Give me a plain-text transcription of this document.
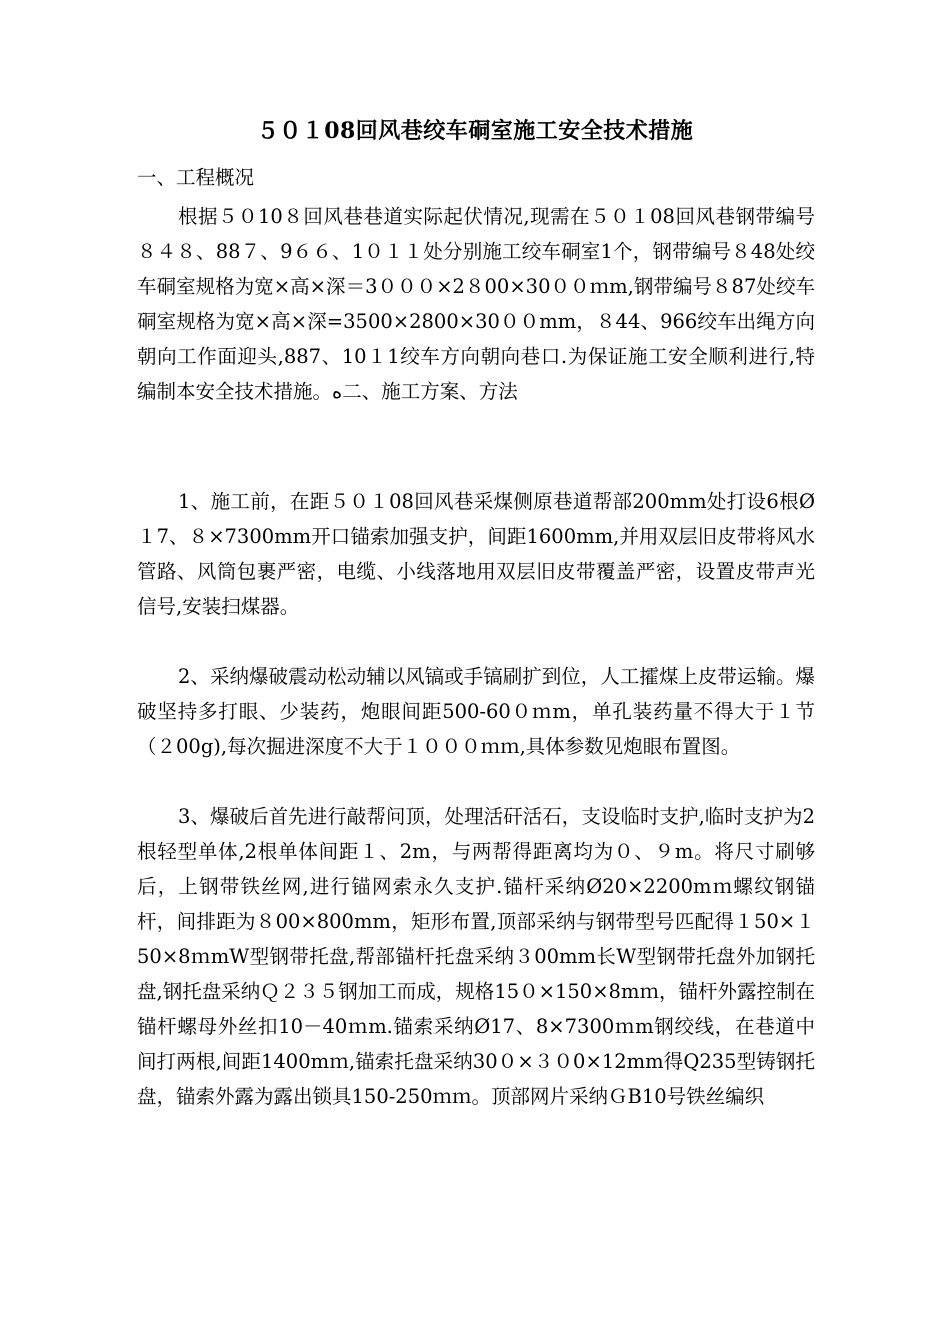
５０１08回风巷绞车硐室施工安全技术措施
一、工程概况
根据５０10８回风巷巷道实际起伏情况,现需在５０１08回风巷钢带编号８４８、88７、9６６、1０１１处分别施工绞车硐室1个，钢带编号８48处绞车硐室规格为宽×高×深＝3０００×2８00×30００ｍm,钢带编号８87处绞车硐室规格为宽×高×深=3500×2800×30００mm，８44、966绞车出绳方向朝向工作面迎头,887、10１1绞车方向朝向巷口.为保证施工安全顺利进行,特编制本安全技术措施。ﻩ二、施工方案、方法
1、施工前，在距５０１08回风巷采煤侧原巷道帮部200mm处打设6根Ø１7、８×7300mm开口锚索加强支护，间距1600mm,并用双层旧皮带将风水管路、风筒包裹严密，电缆、小线落地用双层旧皮带覆盖严密，设置皮带声光信号,安装扫煤器。
2、采纳爆破震动松动辅以风镐或手镐刷扩到位，人工攉煤上皮带运输。爆破坚持多打眼、少装药，炮眼间距500-60０ｍm，单孔装药量不得大于１节（２00g),每次掘进深度不大于１０００ｍｍ,具体参数见炮眼布置图。
3、爆破后首先进行敲帮问顶，处理活矸活石，支设临时支护,临时支护为2根轻型单体,2根单体间距１、2m，与两帮得距离均为０、９m。将尺寸刷够后，上钢带铁丝网,进行锚网索永久支护.锚杆采纳Ø20×2200mｍ螺纹钢锚杆，间排距为８00×800mm，矩形布置,顶部采纳与钢带型号匹配得１50×１50×8ｍmW型钢带托盘,帮部锚杆托盘采纳３00mm长W型钢带托盘外加钢托盘,钢托盘采纳Ｑ２３５钢加工而成，规格15０×150×8mｍ，锚杆外露控制在锚杆螺母外丝扣10－40ｍm.锚索采纳Ø17、8×7300ｍm钢绞线，在巷道中间打两根,间距1400mｍ,锚索托盘采纳30０×３０0×12mm得Q235型铸钢托盘，锚索外露为露出锁具150-250ｍｍ。顶部网片采纳ＧB10号铁丝编织
